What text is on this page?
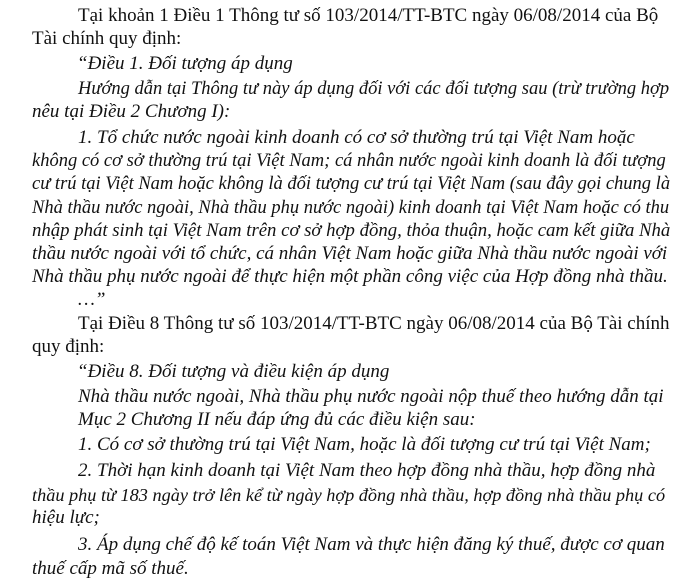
Tại khoản 1 Điều 1 Thông tư số 103/2014/TT-BTC ngày 06/08/2014 của Bộ
Tài chính quy định:
“Điều 1. Đối tượng áp dụng
Hướng dẫn tại Thông tư này áp dụng đối với các đối tượng sau (trừ trường hợp
nêu tại Điều 2 Chương I):
1. Tổ chức nước ngoài kinh doanh có cơ sở thường trú tại Việt Nam hoặc
không có cơ sở thường trú tại Việt Nam; cá nhân nước ngoài kinh doanh là đối tượng
cư trú tại Việt Nam hoặc không là đối tượng cư trú tại Việt Nam (sau đây gọi chung là
Nhà thầu nước ngoài, Nhà thầu phụ nước ngoài) kinh doanh tại Việt Nam hoặc có thu
nhập phát sinh tại Việt Nam trên cơ sở hợp đồng, thỏa thuận, hoặc cam kết giữa Nhà
thầu nước ngoài với tổ chức, cá nhân Việt Nam hoặc giữa Nhà thầu nước ngoài với
Nhà thầu phụ nước ngoài để thực hiện một phần công việc của Hợp đồng nhà thầu.
…”
Tại Điều 8 Thông tư số 103/2014/TT-BTC ngày 06/08/2014 của Bộ Tài chính
quy định:
“Điều 8. Đối tượng và điều kiện áp dụng
Nhà thầu nước ngoài, Nhà thầu phụ nước ngoài nộp thuế theo hướng dẫn tại
Mục 2 Chương II nếu đáp ứng đủ các điều kiện sau:
1. Có cơ sở thường trú tại Việt Nam, hoặc là đối tượng cư trú tại Việt Nam;
2. Thời hạn kinh doanh tại Việt Nam theo hợp đồng nhà thầu, hợp đồng nhà
thầu phụ từ 183 ngày trở lên kể từ ngày hợp đồng nhà thầu, hợp đồng nhà thầu phụ có
hiệu lực;
3. Áp dụng chế độ kế toán Việt Nam và thực hiện đăng ký thuế, được cơ quan
thuế cấp mã số thuế.
